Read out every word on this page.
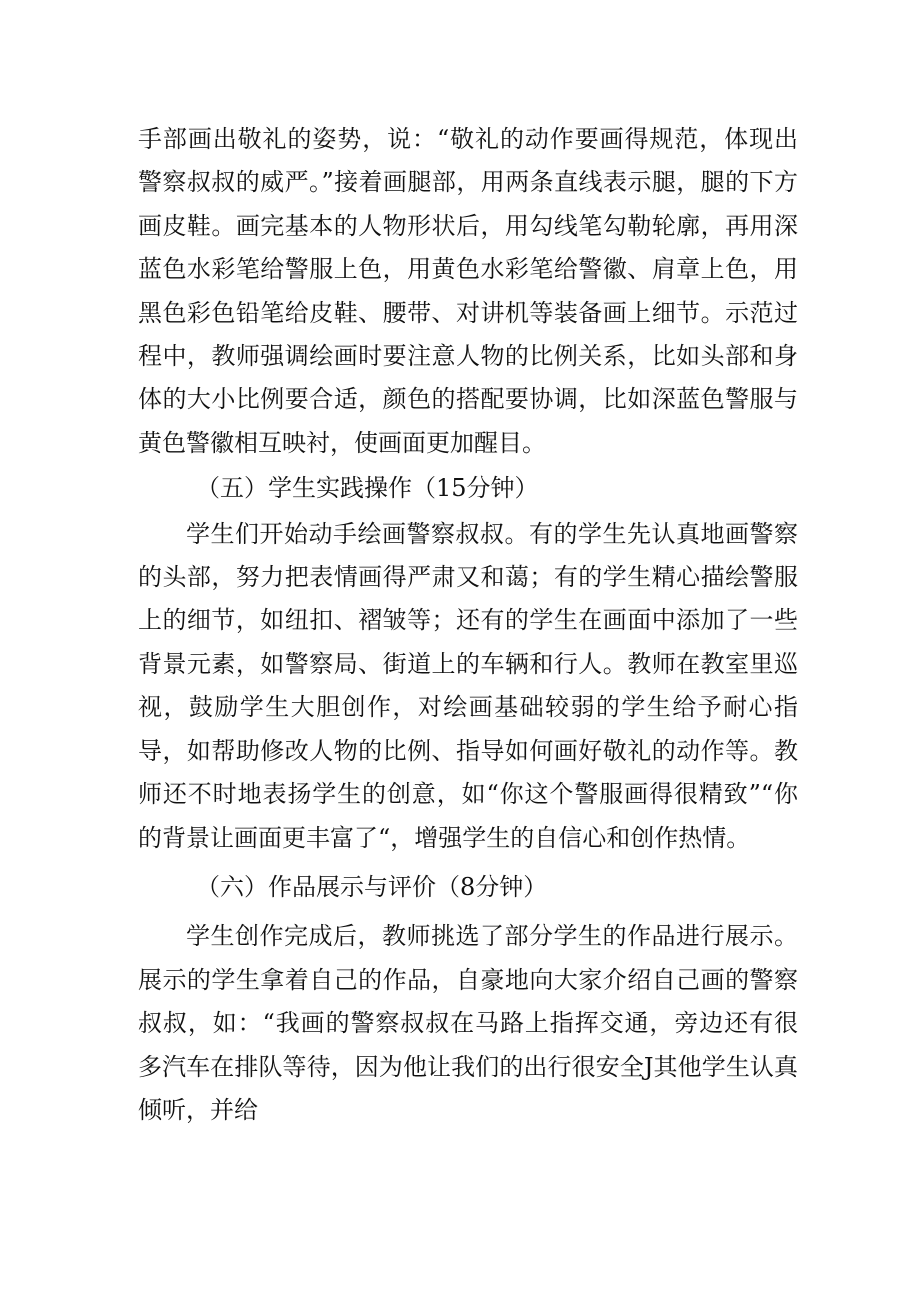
手部画出敬礼的姿势，说：“敬礼的动作要画得规范，体现出警察叔叔的威严。”接着画腿部，用两条直线表示腿，腿的下方画皮鞋。画完基本的人物形状后，用勾线笔勾勒轮廓，再用深蓝色水彩笔给警服上色，用黄色水彩笔给警徽、肩章上色，用黑色彩色铅笔给皮鞋、腰带、对讲机等装备画上细节。示范过程中，教师强调绘画时要注意人物的比例关系，比如头部和身体的大小比例要合适，颜色的搭配要协调，比如深蓝色警服与黄色警徽相互映衬，使画面更加醒目。

（五）学生实践操作（15分钟）

学生们开始动手绘画警察叔叔。有的学生先认真地画警察的头部，努力把表情画得严肃又和蔼；有的学生精心描绘警服上的细节，如纽扣、褶皱等；还有的学生在画面中添加了一些背景元素，如警察局、街道上的车辆和行人。教师在教室里巡视，鼓励学生大胆创作，对绘画基础较弱的学生给予耐心指导，如帮助修改人物的比例、指导如何画好敬礼的动作等。教师还不时地表扬学生的创意，如“你这个警服画得很精致”“你的背景让画面更丰富了“，增强学生的自信心和创作热情。

（六）作品展示与评价（8分钟）

学生创作完成后，教师挑选了部分学生的作品进行展示。展示的学生拿着自己的作品，自豪地向大家介绍自己画的警察叔叔，如：“我画的警察叔叔在马路上指挥交通，旁边还有很多汽车在排队等待，因为他让我们的出行很安全J其他学生认真倾听，并给
